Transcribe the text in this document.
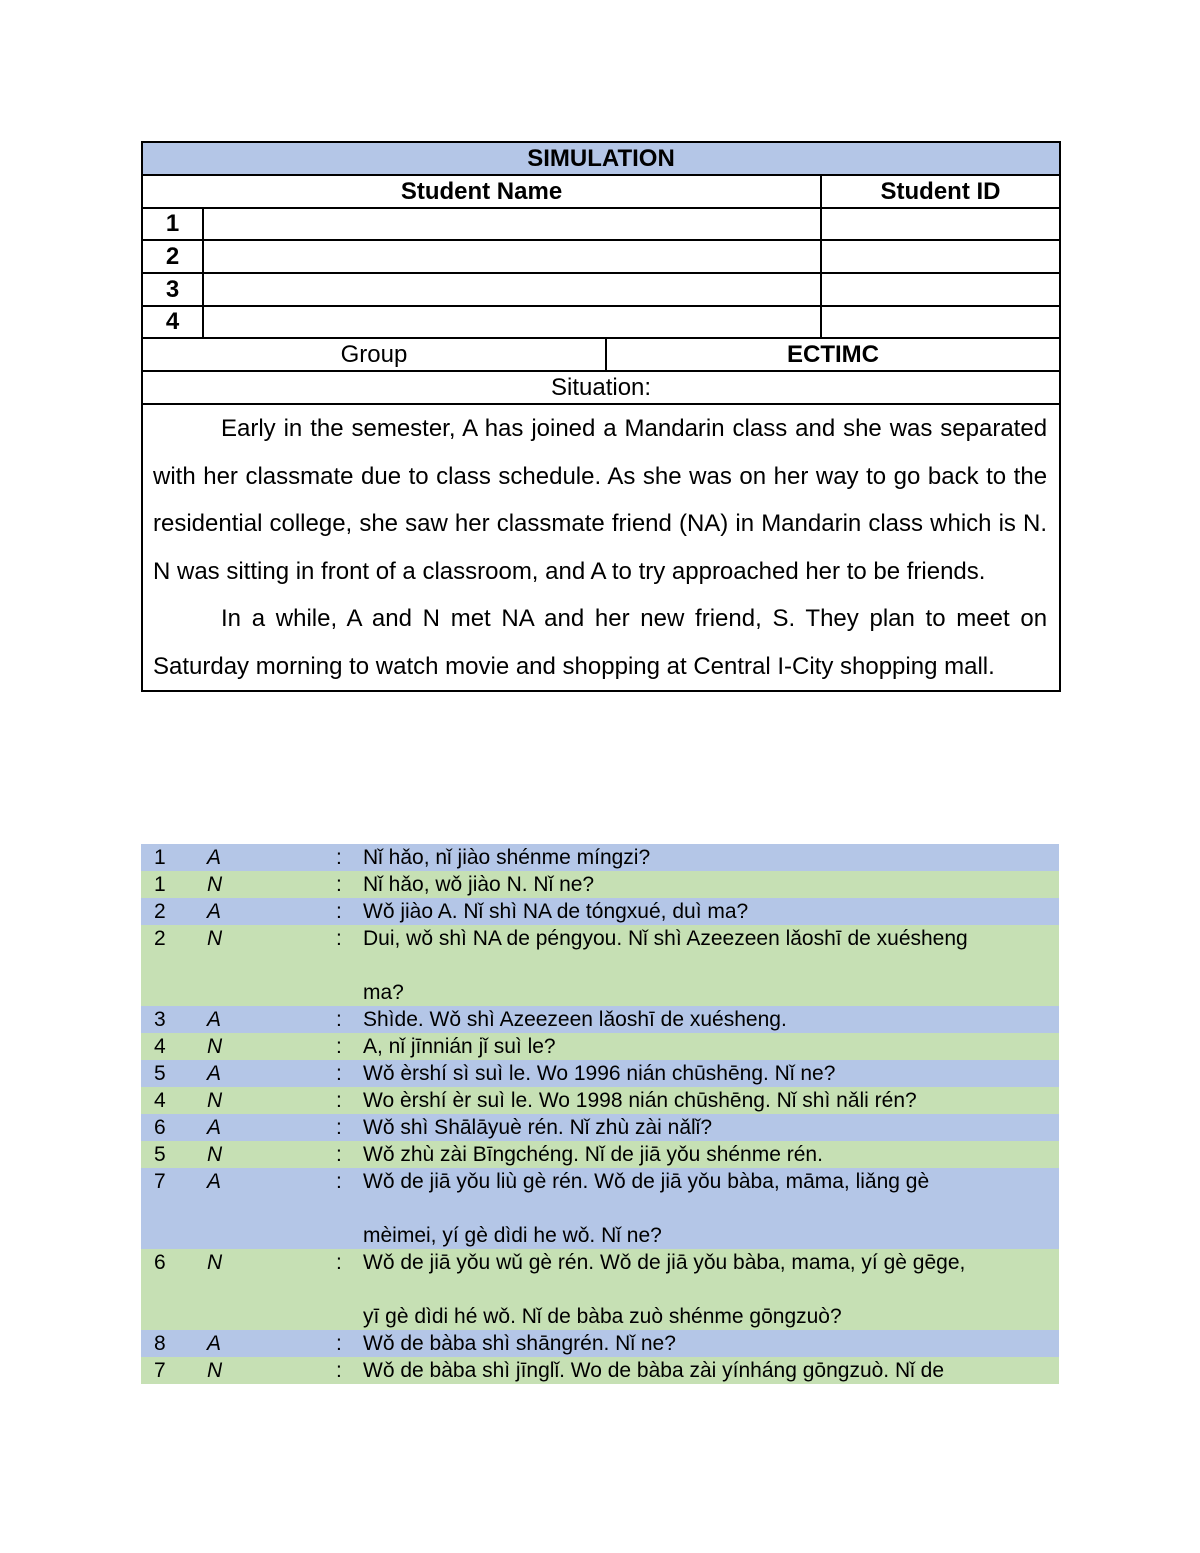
SIMULATION			
Student Name			Student ID
1			
2			
3			
4			
Group		ECTIMC	
Situation:			

Early in the semester, A has joined a Mandarin class and she was separated with her classmate due to class schedule. As she was on her way to go back to the residential college, she saw her classmate friend (NA) in Mandarin class which is N. N was sitting in front of a classroom, and A to try approached her to be friends.

In a while, A and N met NA and her new friend, S. They plan to meet on Saturday morning to watch movie and shopping at Central I-City shopping mall.			

1	A	:	Nǐ hǎo, nǐ jiào shénme míngzi?
1	N	:	Nǐ hǎo, wǒ jiào N. Nǐ ne?
2	A	:	Wǒ jiào A. Nǐ shì NA de tóngxué, duì ma?
2	N	:	Dui, wǒ shì NA de péngyou. Nǐ shì Azeezeen lǎoshī de xuésheng
ma?
3	A	:	Shìde. Wǒ shì Azeezeen lǎoshī de xuésheng.
4	N	:	A, nǐ jīnnián jǐ suì le?
5	A	:	Wǒ èrshí sì suì le. Wo 1996 nián chūshēng. Nǐ ne?
4	N	:	Wo èrshí èr suì le. Wo 1998 nián chūshēng. Nǐ shì nǎli rén?
6	A	:	Wǒ shì Shālāyuè rén. Nǐ zhù zài nǎlǐ?
5	N	:	Wǒ zhù zài Bīngchéng. Nǐ de jiā yǒu shénme rén.
7	A	:	Wǒ de jiā yǒu liù gè rén. Wǒ de jiā yǒu bàba, māma, liǎng gè
mèimei, yí gè dìdi he wǒ. Nǐ ne?
6	N	:	Wǒ de jiā yǒu wǔ gè rén. Wǒ de jiā yǒu bàba, mama, yí gè gēge,
yī gè dìdi hé wǒ. Nǐ de bàba zuò shénme gōngzuò?
8	A	:	Wǒ de bàba shì shāngrén. Nǐ ne?
7	N	:	Wǒ de bàba shì jīnglǐ. Wo de bàba zài yínháng gōngzuò. Nǐ de
